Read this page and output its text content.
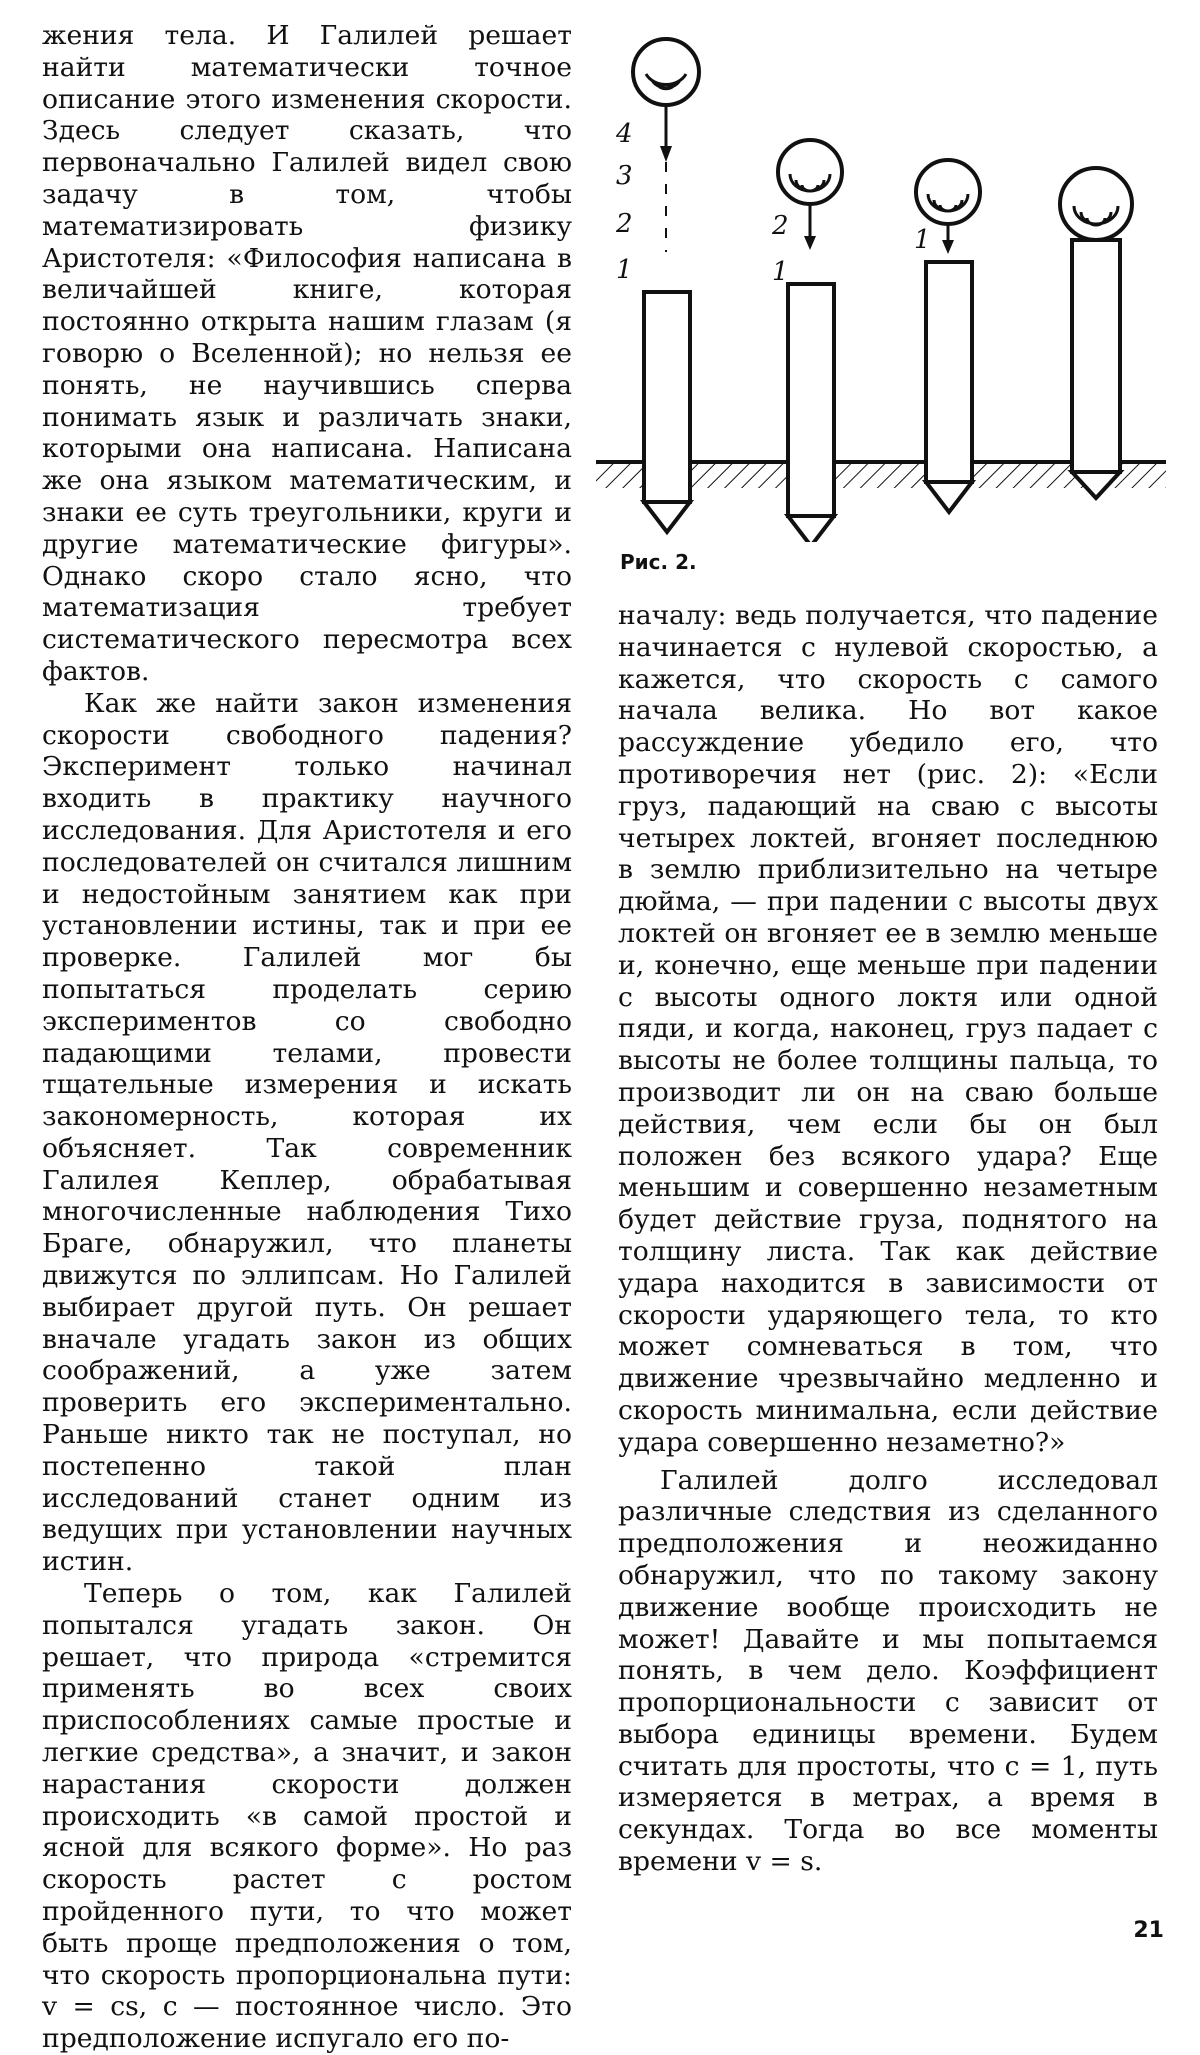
жения тела. И Галилей решает найти математически точное описание этого изменения скорости. Здесь следует сказать, что первоначально Галилей видел свою задачу в том, чтобы математизировать физику Аристотеля: «Философия написана в величайшей книге, которая постоянно открыта нашим глазам (я говорю о Вселенной); но нельзя ее понять, не научившись сперва понимать язык и различать знаки, которыми она написана. Написана же она языком математическим, и знаки ее суть треугольники, круги и другие математические фигуры». Однако скоро стало ясно, что математизация требует систематического пересмотра всех фактов.

Как же найти закон изменения скорости свободного падения? Эксперимент только начинал входить в практику научного исследования. Для Аристотеля и его последователей он считался лишним и недостойным занятием как при установлении истины, так и при ее проверке. Галилей мог бы попытаться проделать серию экспериментов со свободно падающими телами, провести тщательные измерения и искать закономерность, которая их объясняет. Так современник Галилея Кеплер, обрабатывая многочисленные наблюдения Тихо Браге, обнаружил, что планеты движутся по эллипсам. Но Галилей выбирает другой путь. Он решает вначале угадать закон из общих соображений, а уже затем проверить его экспериментально. Раньше никто так не поступал, но постепенно такой план исследований станет одним из ведущих при установлении научных истин.

Теперь о том, как Галилей попытался угадать закон. Он решает, что природа «стремится применять во всех своих приспособлениях самые простые и легкие средства», а значит, и закон нарастания скорости должен происходить «в самой простой и ясной для всякого форме». Но раз скорость растет с ростом пройденного пути, то что может быть проще предположения о том, что скорость пропорциональна пути: v = cs, c — постоянное число. Это предположение испугало его по-

4
3
2
1
2
1
1
Рис. 2.

началу: ведь получается, что падение начинается с нулевой скоростью, а кажется, что скорость с самого начала велика. Но вот какое рассуждение убедило его, что противоречия нет (рис. 2): «Если груз, падающий на сваю с высоты четырех локтей, вгоняет последнюю в землю приблизительно на четыре дюйма, — при падении с высоты двух локтей он вгоняет ее в землю меньше и, конечно, еще меньше при падении с высоты одного локтя или одной пяди, и когда, наконец, груз падает с высоты не более толщины пальца, то производит ли он на сваю больше действия, чем если бы он был положен без всякого удара? Еще меньшим и совершенно незаметным будет действие груза, поднятого на толщину листа. Так как действие удара находится в зависимости от скорости ударяющего тела, то кто может сомневаться в том, что движение чрезвычайно медленно и скорость минимальна, если действие удара совершенно незаметно?»

Галилей долго исследовал различные следствия из сделанного предположения и неожиданно обнаружил, что по такому закону движение вообще происходить не может! Давайте и мы попытаемся понять, в чем дело. Коэффициент пропорциональности c зависит от выбора единицы времени. Будем считать для простоты, что c = 1, путь измеряется в метрах, а время в секундах. Тогда во все моменты времени v = s.

21
